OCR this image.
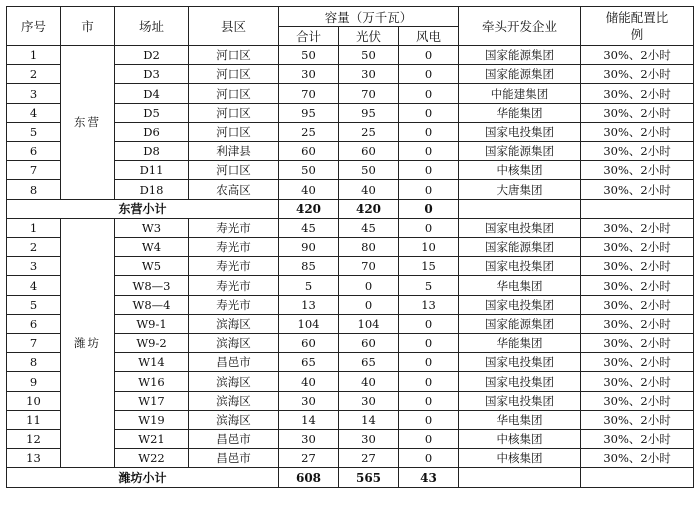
序号	市	场址	县区	容量（万千瓦）			牵头开发企业	储能配置比例
				合计	光伏	风电		
1	东营	D2	河口区	50	50	0	国家能源集团	30%、2小时
2		D3	河口区	30	30	0	国家能源集团	30%、2小时
3		D4	河口区	70	70	0	中能建集团	30%、2小时
4		D5	河口区	95	95	0	华能集团	30%、2小时
5		D6	河口区	25	25	0	国家电投集团	30%、2小时
6		D8	利津县	60	60	0	国家能源集团	30%、2小时
7		D11	河口区	50	50	0	中核集团	30%、2小时
8		D18	农高区	40	40	0	大唐集团	30%、2小时
东营小计				420	420	0		
1	潍坊	W3	寿光市	45	45	0	国家电投集团	30%、2小时
2		W4	寿光市	90	80	10	国家能源集团	30%、2小时
3		W5	寿光市	85	70	15	国家电投集团	30%、2小时
4		W8—3	寿光市	5	0	5	华电集团	30%、2小时
5		W8—4	寿光市	13	0	13	国家电投集团	30%、2小时
6		W9-1	滨海区	104	104	0	国家能源集团	30%、2小时
7		W9-2	滨海区	60	60	0	华能集团	30%、2小时
8		W14	昌邑市	65	65	0	国家电投集团	30%、2小时
9		W16	滨海区	40	40	0	国家电投集团	30%、2小时
10		W17	滨海区	30	30	0	国家电投集团	30%、2小时
11		W19	滨海区	14	14	0	华电集团	30%、2小时
12		W21	昌邑市	30	30	0	中核集团	30%、2小时
13		W22	昌邑市	27	27	0	中核集团	30%、2小时
潍坊小计				608	565	43		
